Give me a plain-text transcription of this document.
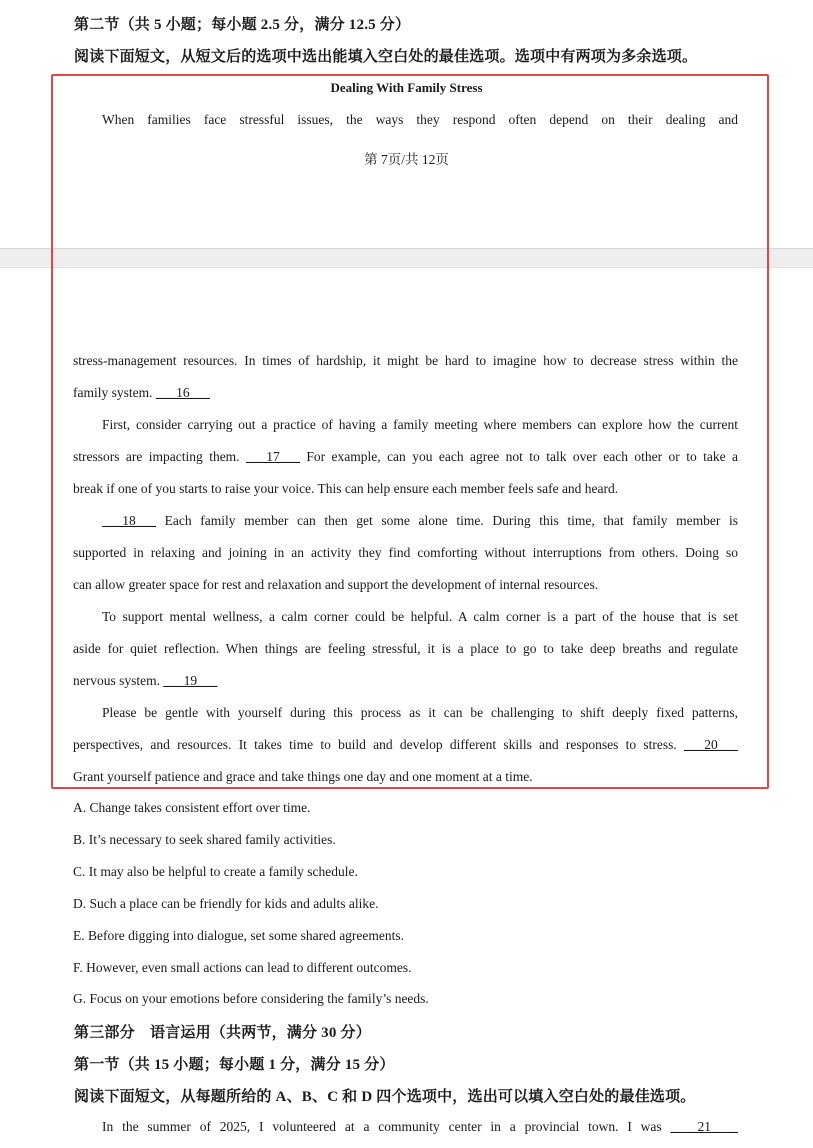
第二节（共 5 小题；每小题 2.5 分，满分 12.5 分）
阅读下面短文，从短文后的选项中选出能填入空白处的最佳选项。选项中有两项为多余选项。
Dealing With Family Stress
When families face stressful issues, the ways they respond often depend on their dealing and
第 7页/共 12页
stress-management resources. In times of hardship, it might be hard to imagine how to decrease stress within the
family system. ___16___
First, consider carrying out a practice of having a family meeting where members can explore how the current
stressors are impacting them. ___17___ For example, can you each agree not to talk over each other or to take a
break if one of you starts to raise your voice. This can help ensure each member feels safe and heard.
___18___ Each family member can then get some alone time. During this time, that family member is
supported in relaxing and joining in an activity they find comforting without interruptions from others. Doing so
can allow greater space for rest and relaxation and support the development of internal resources.
To support mental wellness, a calm corner could be helpful. A calm corner is a part of the house that is set
aside for quiet reflection. When things are feeling stressful, it is a place to go to take deep breaths and regulate
nervous system. ___19___
Please be gentle with yourself during this process as it can be challenging to shift deeply fixed patterns,
perspectives, and resources. It takes time to build and develop different skills and responses to stress. ___20___
Grant yourself patience and grace and take things one day and one moment at a time.
A. Change takes consistent effort over time.
B. It’s necessary to seek shared family activities.
C. It may also be helpful to create a family schedule.
D. Such a place can be friendly for kids and adults alike.
E. Before digging into dialogue, set some shared agreements.
F. However, even small actions can lead to different outcomes.
G. Focus on your emotions before considering the family’s needs.
第三部分　语言运用（共两节，满分 30 分）
第一节（共 15 小题；每小题 1 分，满分 15 分）
阅读下面短文，从每题所给的 A、B、C 和 D 四个选项中，选出可以填入空白处的最佳选项。
In the summer of 2025, I volunteered at a community center in a provincial town. I was ____21____
